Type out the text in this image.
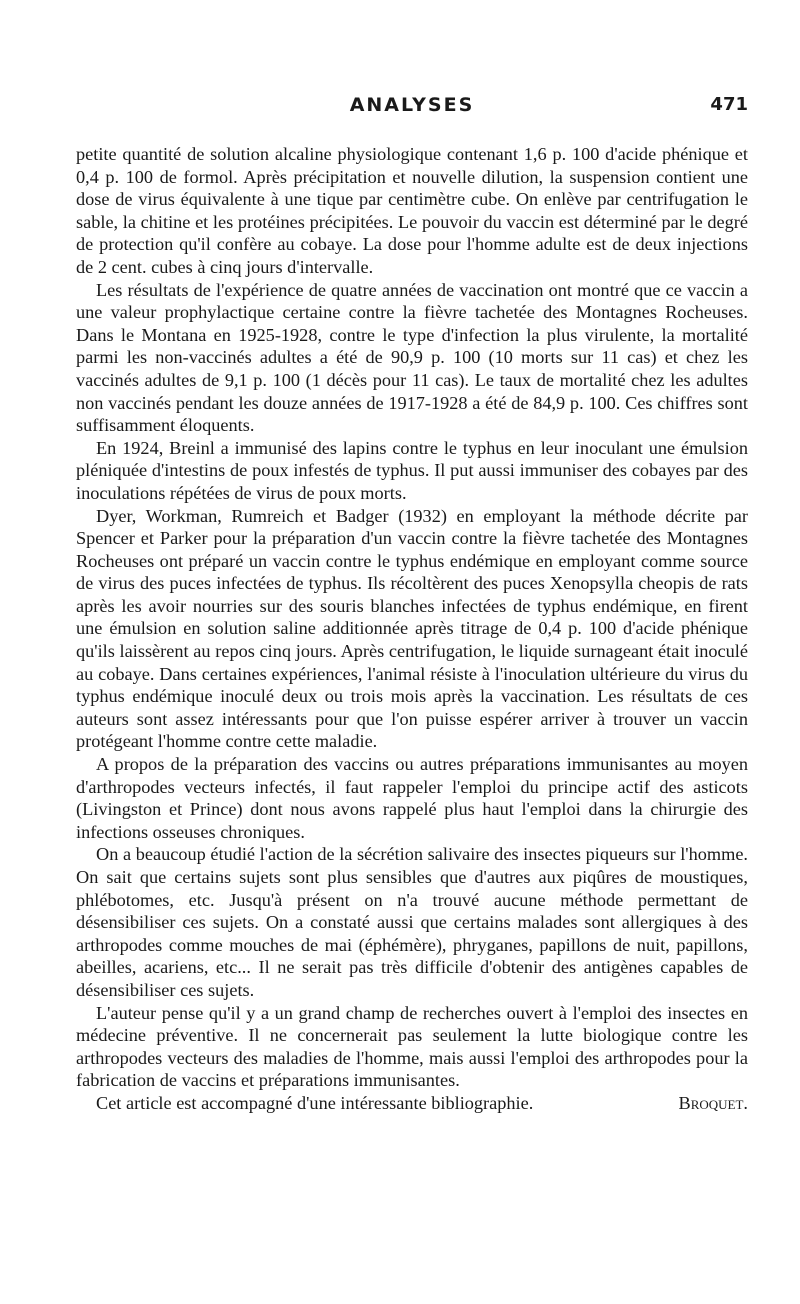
ANALYSES	471

petite quantité de solution alcaline physiologique contenant 1,6 p. 100 d'acide phénique et 0,4 p. 100 de formol. Après précipitation et nouvelle dilution, la suspension contient une dose de virus équivalente à une tique par centimètre cube. On enlève par centrifugation le sable, la chitine et les protéines précipitées. Le pouvoir du vaccin est déterminé par le degré de protection qu'il confère au cobaye. La dose pour l'homme adulte est de deux injections de 2 cent. cubes à cinq jours d'intervalle.

Les résultats de l'expérience de quatre années de vaccination ont montré que ce vaccin a une valeur prophylactique certaine contre la fièvre tachetée des Montagnes Rocheuses. Dans le Montana en 1925-1928, contre le type d'infection la plus virulente, la mortalité parmi les non-vaccinés adultes a été de 90,9 p. 100 (10 morts sur 11 cas) et chez les vaccinés adultes de 9,1 p. 100 (1 décès pour 11 cas). Le taux de mortalité chez les adultes non vaccinés pendant les douze années de 1917-1928 a été de 84,9 p. 100. Ces chiffres sont suffisamment éloquents.

En 1924, Breinl a immunisé des lapins contre le typhus en leur inoculant une émulsion pléniquée d'intestins de poux infestés de typhus. Il put aussi immuniser des cobayes par des inoculations répétées de virus de poux morts.

Dyer, Workman, Rumreich et Badger (1932) en employant la méthode décrite par Spencer et Parker pour la préparation d'un vaccin contre la fièvre tachetée des Montagnes Rocheuses ont préparé un vaccin contre le typhus endémique en employant comme source de virus des puces infectées de typhus. Ils récoltèrent des puces Xenopsylla cheopis de rats après les avoir nourries sur des souris blanches infectées de typhus endémique, en firent une émulsion en solution saline additionnée après titrage de 0,4 p. 100 d'acide phénique qu'ils laissèrent au repos cinq jours. Après centrifugation, le liquide surnageant était inoculé au cobaye. Dans certaines expériences, l'animal résiste à l'inoculation ultérieure du virus du typhus endémique inoculé deux ou trois mois après la vaccination. Les résultats de ces auteurs sont assez intéressants pour que l'on puisse espérer arriver à trouver un vaccin protégeant l'homme contre cette maladie.

A propos de la préparation des vaccins ou autres préparations immunisantes au moyen d'arthropodes vecteurs infectés, il faut rappeler l'emploi du principe actif des asticots (Livingston et Prince) dont nous avons rappelé plus haut l'emploi dans la chirurgie des infections osseuses chroniques.

On a beaucoup étudié l'action de la sécrétion salivaire des insectes piqueurs sur l'homme. On sait que certains sujets sont plus sensibles que d'autres aux piqûres de moustiques, phlébotomes, etc. Jusqu'à présent on n'a trouvé aucune méthode permettant de désensibiliser ces sujets. On a constaté aussi que certains malades sont allergiques à des arthropodes comme mouches de mai (éphémère), phryganes, papillons de nuit, papillons, abeilles, acariens, etc... Il ne serait pas très difficile d'obtenir des antigènes capables de désensibiliser ces sujets.

L'auteur pense qu'il y a un grand champ de recherches ouvert à l'emploi des insectes en médecine préventive. Il ne concernerait pas seulement la lutte biologique contre les arthropodes vecteurs des maladies de l'homme, mais aussi l'emploi des arthropodes pour la fabrication de vaccins et préparations immunisantes.

Cet article est accompagné d'une intéressante bibliographie.	Broquet.
